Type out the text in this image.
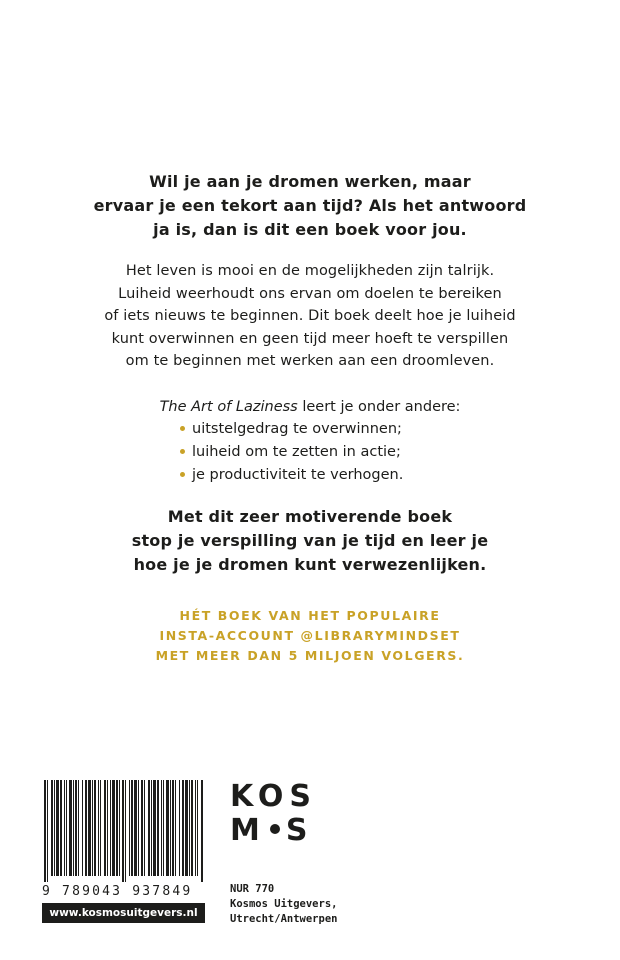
Wil je aan je dromen werken, maar
ervaar je een tekort aan tijd? Als het antwoord
ja is, dan is dit een boek voor jou.
Het leven is mooi en de mogelijkheden zijn talrijk.
Luiheid weerhoudt ons ervan om doelen te bereiken
of iets nieuws te beginnen. Dit boek deelt hoe je luiheid
kunt overwinnen en geen tijd meer hoeft te verspillen
om te beginnen met werken aan een droomleven.
The Art of Laziness leert je onder andere:
uitstelgedrag te overwinnen;
luiheid om te zetten in actie;
je productiviteit te verhogen.
Met dit zeer motiverende boek
stop je verspilling van je tijd en leer je
hoe je je dromen kunt verwezenlijken.
HÉT BOEK VAN HET POPULAIRE
INSTA-ACCOUNT @LIBRARYMINDSET
MET MEER DAN 5 MILJOEN VOLGERS.
9 789043 937849
www.kosmosuitgevers.nl
KOS
M S
NUR 770
Kosmos Uitgevers,
Utrecht/Antwerpen
